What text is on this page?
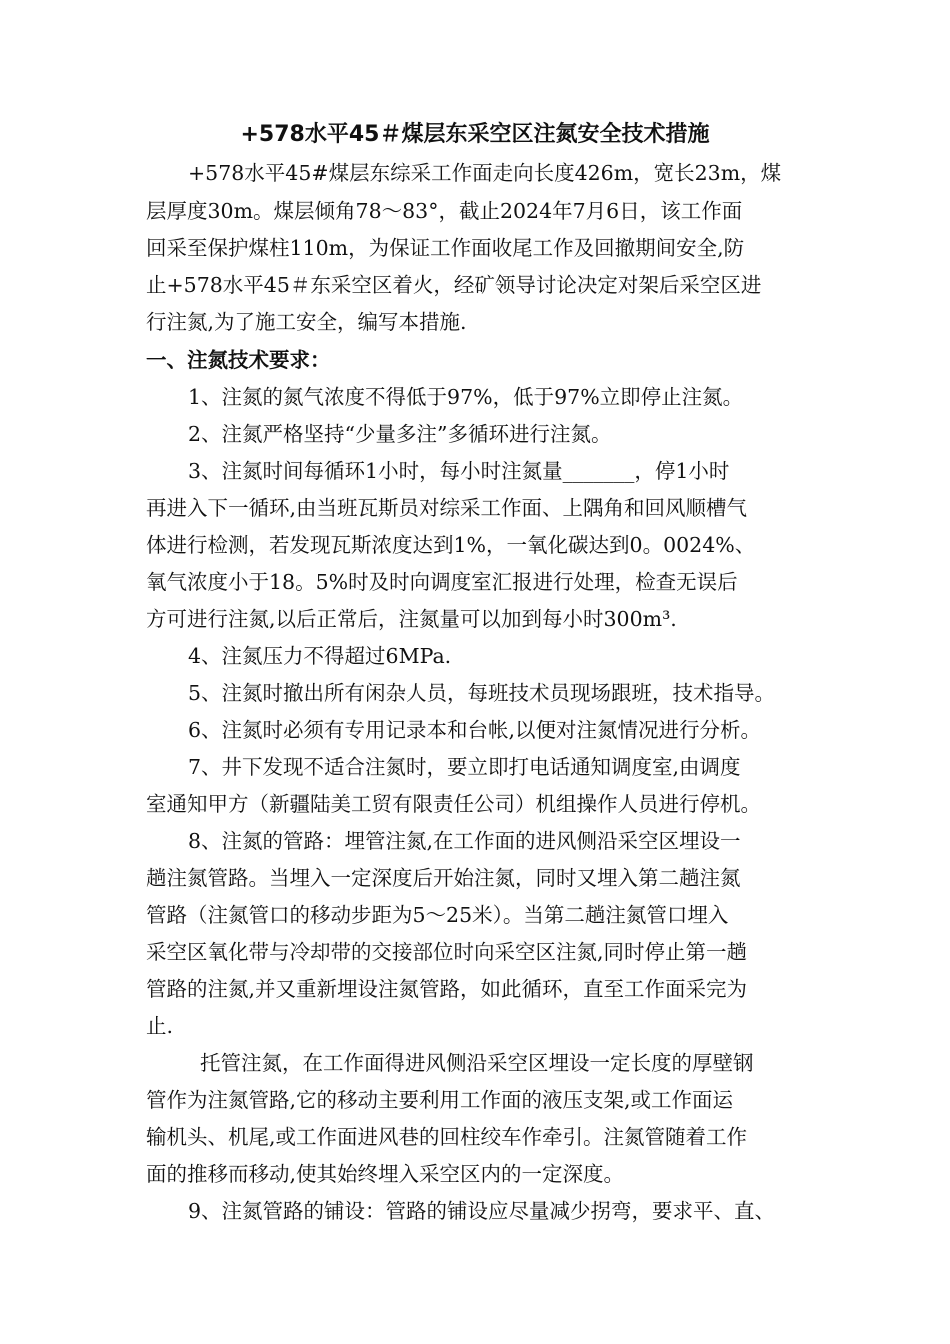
+578水平45＃煤层东采空区注氮安全技术措施
+578水平45#煤层东综采工作面走向长度426m，宽长23m，煤
层厚度30m。煤层倾角78～83°，截止2024年7月6日，该工作面
回采至保护煤柱110m，为保证工作面收尾工作及回撤期间安全,防
止+578水平45＃东采空区着火，经矿领导讨论决定对架后采空区进
行注氮,为了施工安全，编写本措施.
一、注氮技术要求：
1、注氮的氮气浓度不得低于97%，低于97%立即停止注氮。
2、注氮严格坚持“少量多注”多循环进行注氮。
3、注氮时间每循环1小时，每小时注氮量_______，停1小时
再进入下一循环,由当班瓦斯员对综采工作面、上隅角和回风顺槽气
体进行检测，若发现瓦斯浓度达到1%，一氧化碳达到0。0024%、
氧气浓度小于18。5%时及时向调度室汇报进行处理，检查无误后
方可进行注氮,以后正常后，注氮量可以加到每小时300m³.
4、注氮压力不得超过6MPa.
5、注氮时撤出所有闲杂人员，每班技术员现场跟班，技术指导。
6、注氮时必须有专用记录本和台帐,以便对注氮情况进行分析。
7、井下发现不适合注氮时，要立即打电话通知调度室,由调度
室通知甲方（新疆陆美工贸有限责任公司）机组操作人员进行停机。
8、注氮的管路：埋管注氮,在工作面的进风侧沿采空区埋设一
趟注氮管路。当埋入一定深度后开始注氮，同时又埋入第二趟注氮
管路（注氮管口的移动步距为5～25米）。当第二趟注氮管口埋入
采空区氧化带与冷却带的交接部位时向采空区注氮,同时停止第一趟
管路的注氮,并又重新埋设注氮管路，如此循环，直至工作面采完为
止.
托管注氮，在工作面得进风侧沿采空区埋设一定长度的厚壁钢
管作为注氮管路,它的移动主要利用工作面的液压支架,或工作面运
输机头、机尾,或工作面进风巷的回柱绞车作牵引。注氮管随着工作
面的推移而移动,使其始终埋入采空区内的一定深度。
9、注氮管路的铺设：管路的铺设应尽量减少拐弯，要求平、直、
